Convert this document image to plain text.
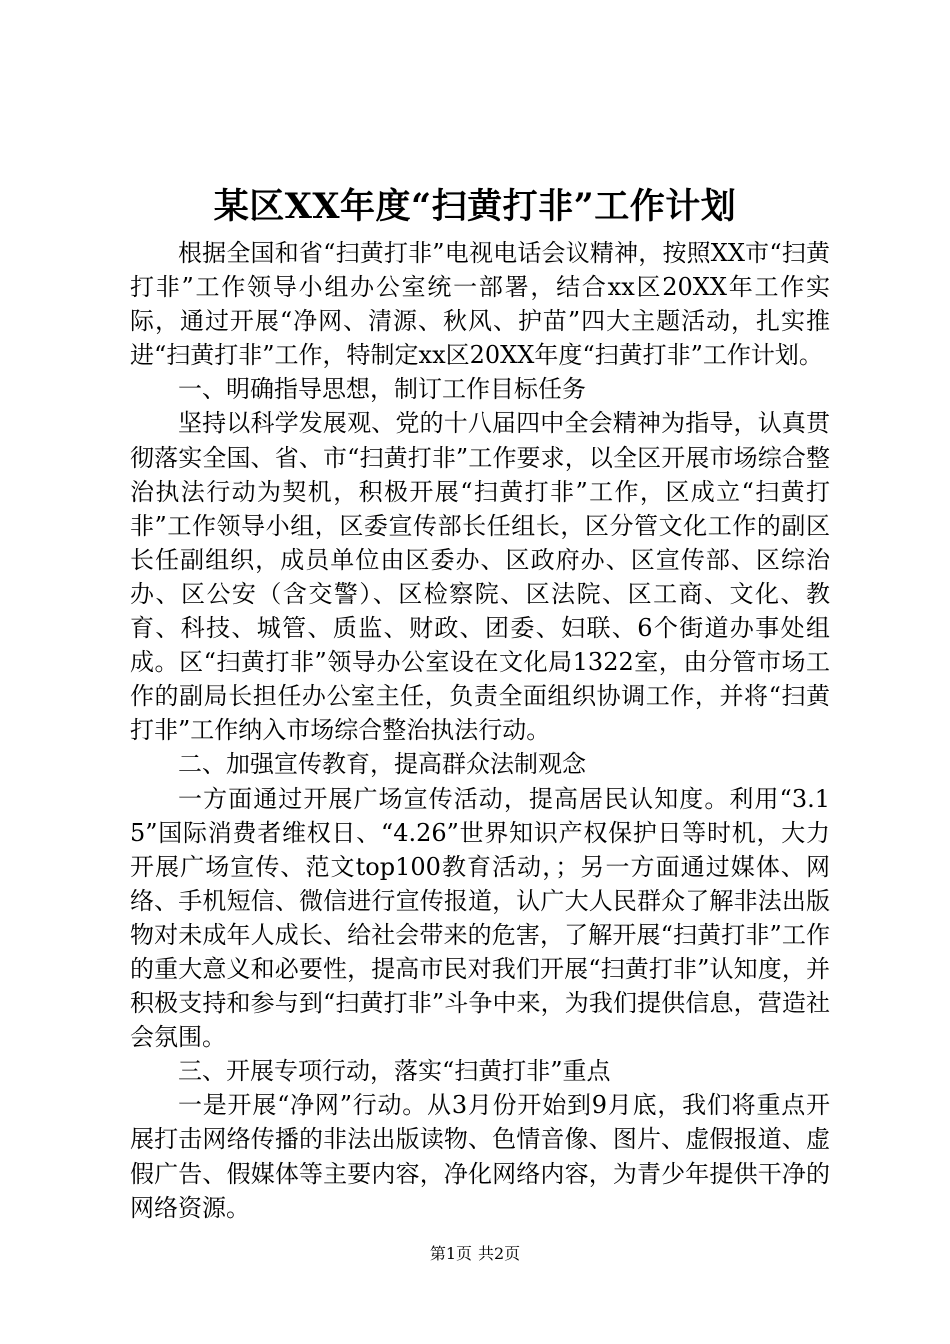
某区XX年度“扫黄打非”工作计划

根据全国和省“扫黄打非”电视电话会议精神，按照XX市“扫黄打非”工作领导小组办公室统一部署，结合xx区20XX年工作实际，通过开展“净网、清源、秋风、护苗”四大主题活动，扎实推进“扫黄打非”工作，特制定xx区20XX年度“扫黄打非”工作计划。

一、明确指导思想，制订工作目标任务

坚持以科学发展观、党的十八届四中全会精神为指导，认真贯彻落实全国、省、市“扫黄打非”工作要求，以全区开展市场综合整治执法行动为契机，积极开展“扫黄打非”工作，区成立“扫黄打非”工作领导小组，区委宣传部长任组长，区分管文化工作的副区长任副组织，成员单位由区委办、区政府办、区宣传部、区综治办、区公安（含交警）、区检察院、区法院、区工商、文化、教育、科技、城管、质监、财政、团委、妇联、6个街道办事处组成。区“扫黄打非”领导办公室设在文化局1322室，由分管市场工作的副局长担任办公室主任，负责全面组织协调工作，并将“扫黄打非”工作纳入市场综合整治执法行动。

二、加强宣传教育，提高群众法制观念

一方面通过开展广场宣传活动，提高居民认知度。利用“3.15”国际消费者维权日、“4.26”世界知识产权保护日等时机，大力开展广场宣传、范文top100教育活动，；另一方面通过媒体、网络、手机短信、微信进行宣传报道，认广大人民群众了解非法出版物对未成年人成长、给社会带来的危害，了解开展“扫黄打非”工作的重大意义和必要性，提高市民对我们开展“扫黄打非”认知度，并积极支持和参与到“扫黄打非”斗争中来，为我们提供信息，营造社会氛围。

三、开展专项行动，落实“扫黄打非”重点

一是开展“净网”行动。从3月份开始到9月底，我们将重点开展打击网络传播的非法出版读物、色情音像、图片、虚假报道、虚假广告、假媒体等主要内容，净化网络内容，为青少年提供干净的网络资源。

第1页 共2页
